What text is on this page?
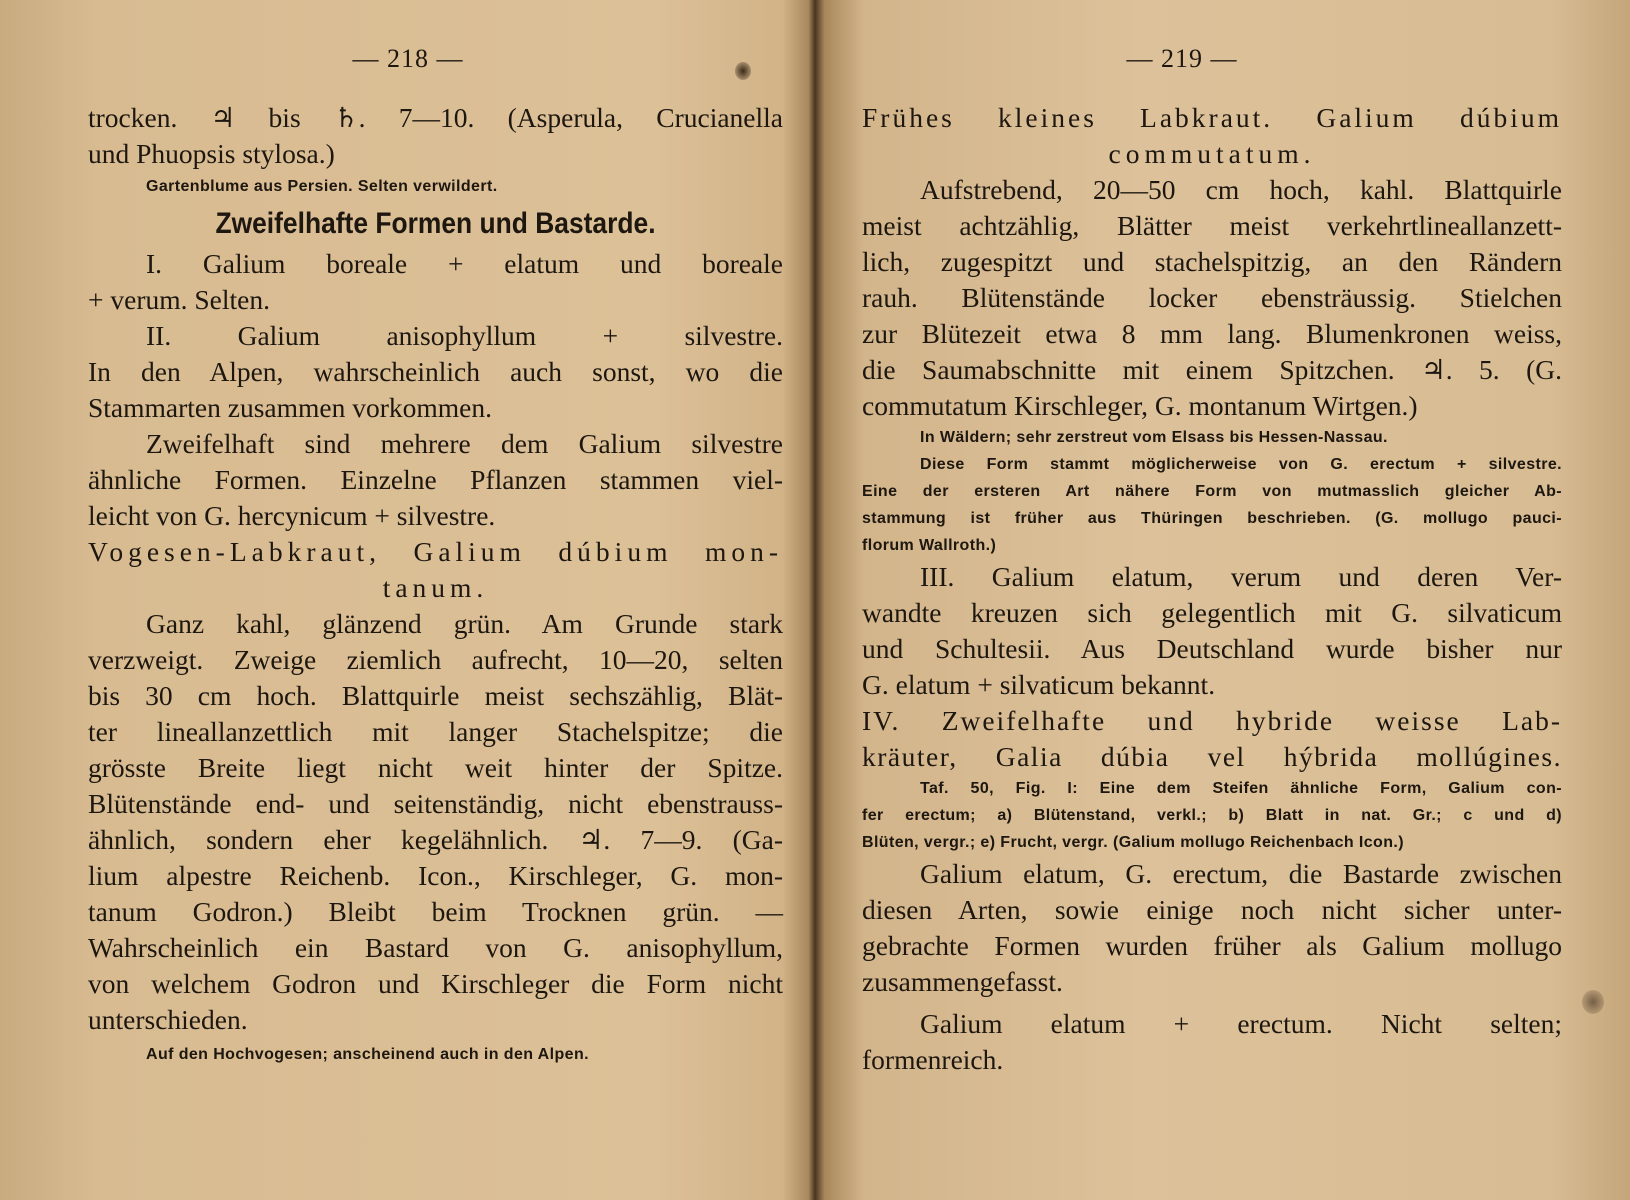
— 218 —
trocken. ♃ bis ♄. 7—10. (Asperula, Crucianella
und Phuopsis stylosa.)
Gartenblume aus Persien. Selten verwildert.
Zweifelhafte Formen und Bastarde.
I. Galium boreale + elatum und boreale
+ verum. Selten.
II. Galium anisophyllum + silvestre.
In den Alpen, wahrscheinlich auch sonst, wo die
Stammarten zusammen vorkommen.
Zweifelhaft sind mehrere dem Galium silvestre
ähnliche Formen. Einzelne Pflanzen stammen viel-
leicht von G. hercynicum + silvestre.
Vogesen-Labkraut, Galium dúbium mon-
tanum.
Ganz kahl, glänzend grün. Am Grunde stark
verzweigt. Zweige ziemlich aufrecht, 10—20, selten
bis 30 cm hoch. Blattquirle meist sechszählig, Blät-
ter lineallanzettlich mit langer Stachelspitze; die
grösste Breite liegt nicht weit hinter der Spitze.
Blütenstände end- und seitenständig, nicht ebenstrauss-
ähnlich, sondern eher kegelähnlich. ♃. 7—9. (Ga-
lium alpestre Reichenb. Icon., Kirschleger, G. mon-
tanum Godron.) Bleibt beim Trocknen grün. —
Wahrscheinlich ein Bastard von G. anisophyllum,
von welchem Godron und Kirschleger die Form nicht
unterschieden.
Auf den Hochvogesen; anscheinend auch in den Alpen.
— 219 —
Frühes kleines Labkraut. Galium dúbium
commutatum.
Aufstrebend, 20—50 cm hoch, kahl. Blattquirle
meist achtzählig, Blätter meist verkehrtlineallanzett-
lich, zugespitzt und stachelspitzig, an den Rändern
rauh. Blütenstände locker ebensträussig. Stielchen
zur Blütezeit etwa 8 mm lang. Blumenkronen weiss,
die Saumabschnitte mit einem Spitzchen. ♃. 5. (G.
commutatum Kirschleger, G. montanum Wirtgen.)
In Wäldern; sehr zerstreut vom Elsass bis Hessen-Nassau.
Diese Form stammt möglicherweise von G. erectum + silvestre.
Eine der ersteren Art nähere Form von mutmasslich gleicher Ab-
stammung ist früher aus Thüringen beschrieben. (G. mollugo pauci-
florum Wallroth.)
III. Galium elatum, verum und deren Ver-
wandte kreuzen sich gelegentlich mit G. silvaticum
und Schultesii. Aus Deutschland wurde bisher nur
G. elatum + silvaticum bekannt.
IV. Zweifelhafte und hybride weisse Lab-
kräuter, Galia dúbia vel hýbrida mollúgines.
Taf. 50, Fig. I: Eine dem Steifen ähnliche Form, Galium con-
fer erectum; a) Blütenstand, verkl.; b) Blatt in nat. Gr.; c und d)
Blüten, vergr.; e) Frucht, vergr. (Galium mollugo Reichenbach Icon.)
Galium elatum, G. erectum, die Bastarde zwischen
diesen Arten, sowie einige noch nicht sicher unter-
gebrachte Formen wurden früher als Galium mollugo
zusammengefasst.
Galium elatum + erectum. Nicht selten;
formenreich.
